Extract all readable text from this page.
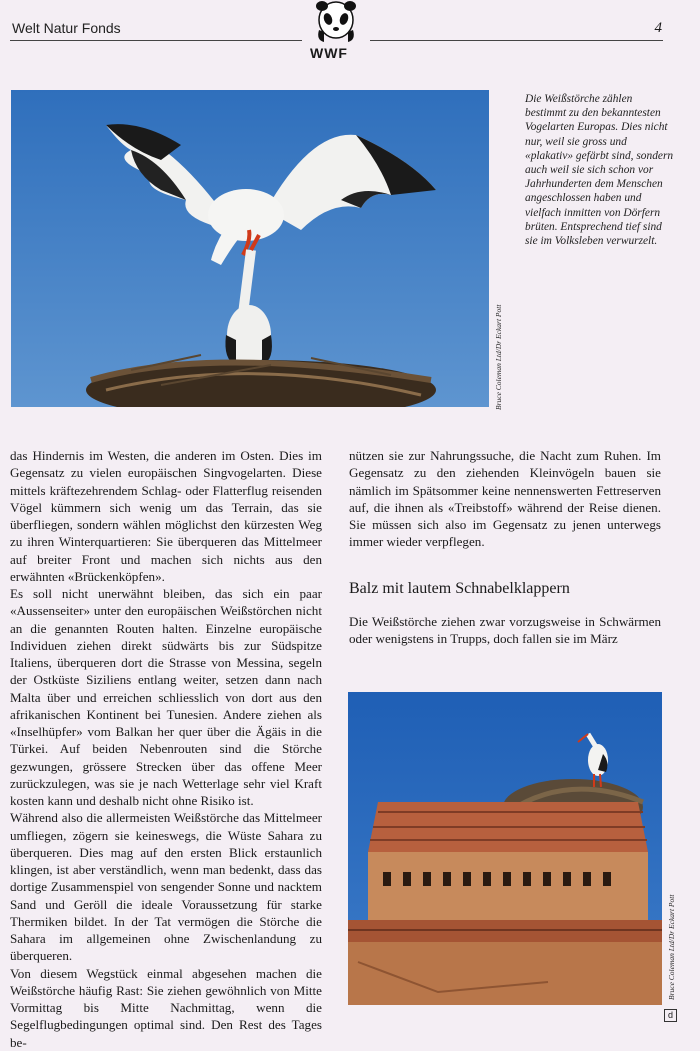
Welt Natur Fonds	4
WWF
Bruce Coleman Ltd/Dr Eckart Pott
Die Weißstörche zählen bestimmt zu den bekanntesten Vogelarten Europas. Dies nicht nur, weil sie gross und «plakativ» gefärbt sind, sondern auch weil sie sich schon vor Jahrhunderten dem Menschen angeschlossen haben und vielfach inmitten von Dörfern brüten. Entsprechend tief sind sie im Volksleben verwurzelt.

das Hindernis im Westen, die anderen im Osten. Dies im Gegensatz zu vielen europäischen Singvogelarten. Diese mittels kräftezehrendem Schlag- oder Flatterflug reisenden Vögel kümmern sich wenig um das Terrain, das sie überfliegen, sondern wählen möglichst den kürzesten Weg zu ihren Winterquartieren: Sie überqueren das Mittelmeer auf breiter Front und machen sich nichts aus den erwähnten «Brückenköpfen».

Es soll nicht unerwähnt bleiben, das sich ein paar «Aussenseiter» unter den europäischen Weißstörchen nicht an die genannten Routen halten. Einzelne europäische Individuen ziehen direkt südwärts bis zur Südspitze Italiens, überqueren dort die Strasse von Messina, segeln der Ostküste Siziliens entlang weiter, setzen dann nach Malta über und erreichen schliesslich von dort aus den afrikanischen Kontinent bei Tunesien. Andere ziehen als «Inselhüpfer» vom Balkan her quer über die Ägäis in die Türkei. Auf beiden Nebenrouten sind die Störche gezwungen, grössere Strecken über das offene Meer zurückzulegen, was sie je nach Wetterlage sehr viel Kraft kosten kann und deshalb nicht ohne Risiko ist.

Während also die allermeisten Weißstörche das Mittelmeer umfliegen, zögern sie keineswegs, die Wüste Sahara zu überqueren. Dies mag auf den ersten Blick erstaunlich klingen, ist aber verständlich, wenn man bedenkt, dass das dortige Zusammenspiel von sengender Sonne und nacktem Sand und Geröll die ideale Voraussetzung für starke Thermiken bildet. In der Tat vermögen die Störche die Sahara im allgemeinen ohne Zwischenlandung zu überqueren.

Von diesem Wegstück einmal abgesehen machen die Weißstörche häufig Rast: Sie ziehen gewöhnlich von Mitte Vormittag bis Mitte Nachmittag, wenn die Segelflugbedingungen optimal sind. Den Rest des Tages be-

nützen sie zur Nahrungssuche, die Nacht zum Ruhen. Im Gegensatz zu den ziehenden Kleinvögeln bauen sie nämlich im Spätsommer keine nennenswerten Fettreserven auf, die ihnen als «Treibstoff» während der Reise dienen. Sie müssen sich also im Gegensatz zu jenen unterwegs immer wieder verpflegen.

Balz mit lautem Schnabelklappern

Die Weißstörche ziehen zwar vorzugsweise in Schwärmen oder wenigstens in Trupps, doch fallen sie im März

Bruce Coleman Ltd/Dr Eckart Pott
d
